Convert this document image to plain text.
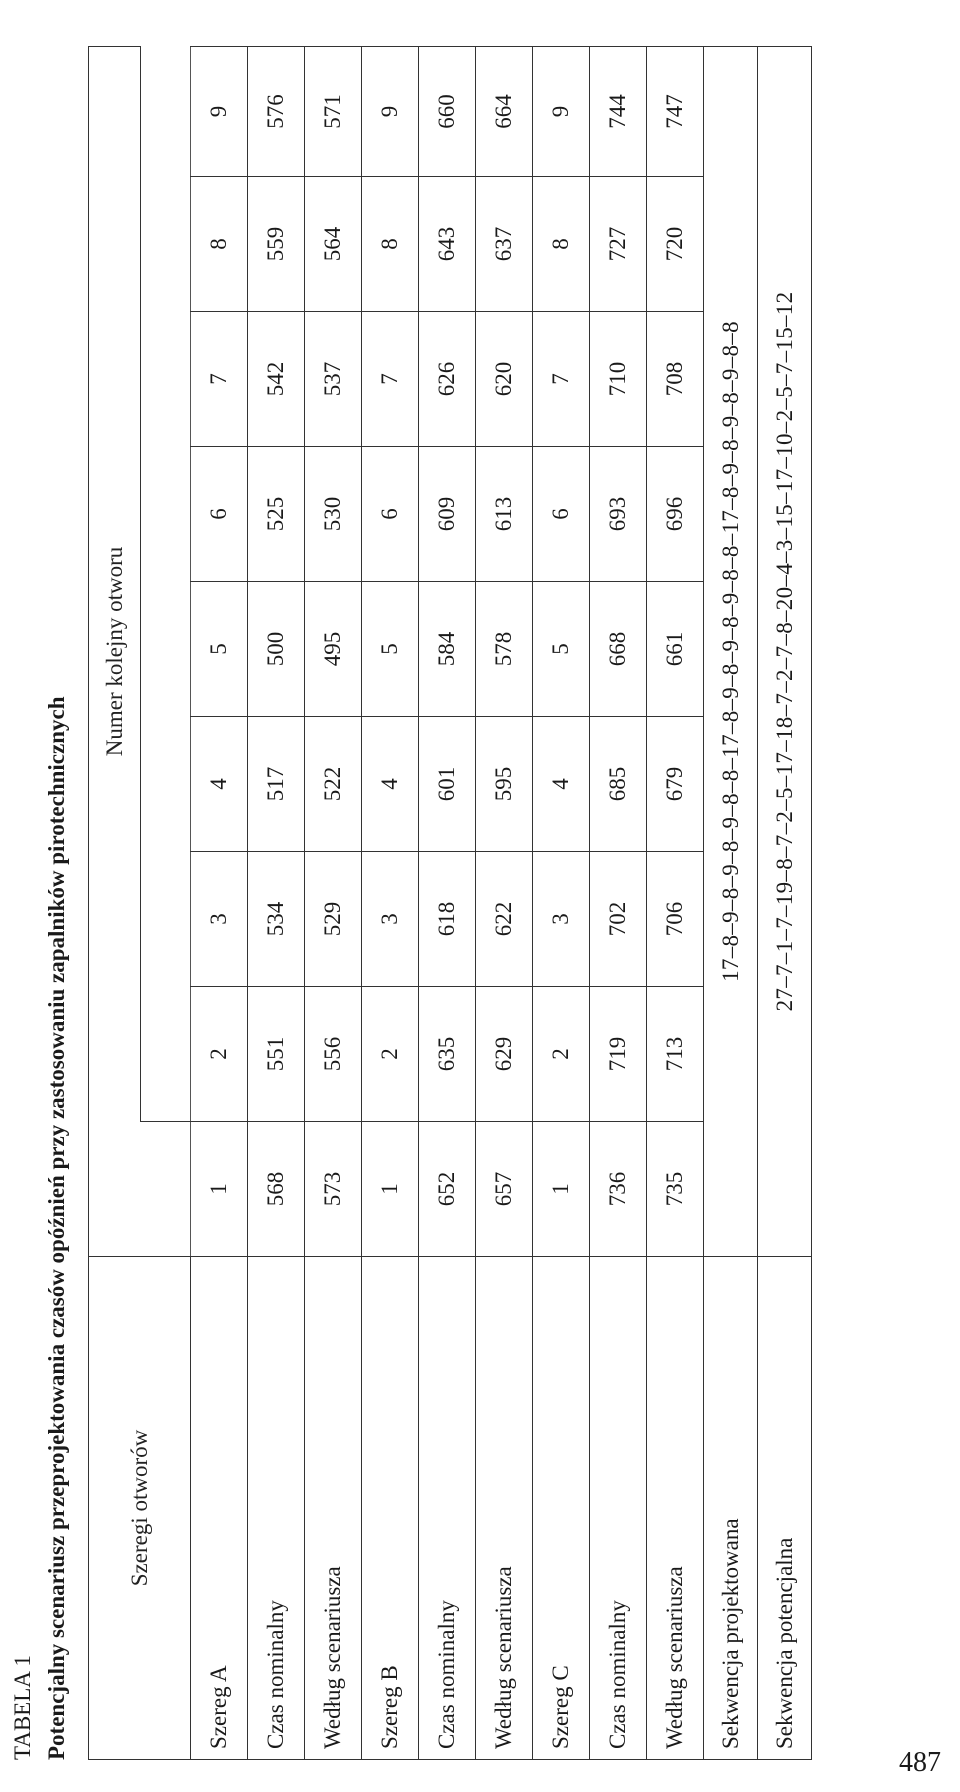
TABELA 1 Potencjalny scenariusz przeprojektowania czasów opóźnień przy zastosowaniu zapalników pirotechnicznych	Szeregi otworów	Numer kolejny otworu								

Szereg A	1	2	3	4	5	6	7	8	9
Czas nominalny	568	551	534	517	500	525	542	559	576
Według scenariusza	573	556	529	522	495	530	537	564	571
Szereg B	1	2	3	4	5	6	7	8	9
Czas nominalny	652	635	618	601	584	609	626	643	660
Według scenariusza	657	629	622	595	578	613	620	637	664
Szereg C	1	2	3	4	5	6	7	8	9
Czas nominalny	736	719	702	685	668	693	710	727	744
Według scenariusza	735	713	706	679	661	696	708	720	747
Sekwencja projektowana	17–8–9–8–9–8–9–8–8–17–8–9–8–9–8–9–8–8–17–8–9–8–9–8–9–8–8								
Sekwencja potencjalna	27–7–1–7–19–8–7–2–5–17–18–7–2–7–8–20–4–3–15–17–10–2–5–7–15–12								
487
